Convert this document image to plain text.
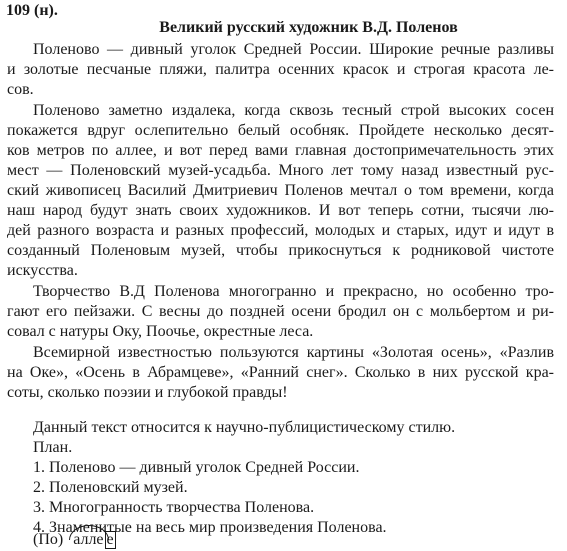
109 (н).
Великий русский художник В.Д. Поленов
Поленово — дивный уголок Средней России. Широкие речные разливы
и золотые песчаные пляжи, палитра осенних красок и строгая красота ле-
сов.
Поленово заметно издалека, когда сквозь тесный строй высоких сосен
покажется вдруг ослепительно белый особняк. Пройдете несколько десят-
ков метров по аллее, и вот перед вами главная достопримечательность этих
мест — Поленовский музей-усадьба. Много лет тому назад известный рус-
ский живописец Василий Дмитриевич Поленов мечтал о том времени, когда
наш народ будут знать своих художников. И вот теперь сотни, тысячи лю-
дей разного возраста и разных профессий, молодых и старых, идут и идут в
созданный Поленовым музей, чтобы прикоснуться к родниковой чистоте
искусства.
Творчество В.Д Поленова многогранно и прекрасно, но особенно тро-
гают его пейзажи. С весны до поздней осени бродил он с мольбертом и ри-
совал с натуры Оку, Поочье, окрестные леса.
Всемирной известностью пользуются картины «Золотая осень», «Разлив
на Оке», «Осень в Абрамцеве», «Ранний снег». Сколько в них русской кра-
соты, сколько поэзии и глубокой правды!
Данный текст относится к научно-публицистическому стилю.
План.
1. Поленово — дивный уголок Средней России.
2. Поленовский музей.
3. Многогранность творчества Поленова.
4. Знаменитые на весь мир произведения Поленова.
(По) алле е
